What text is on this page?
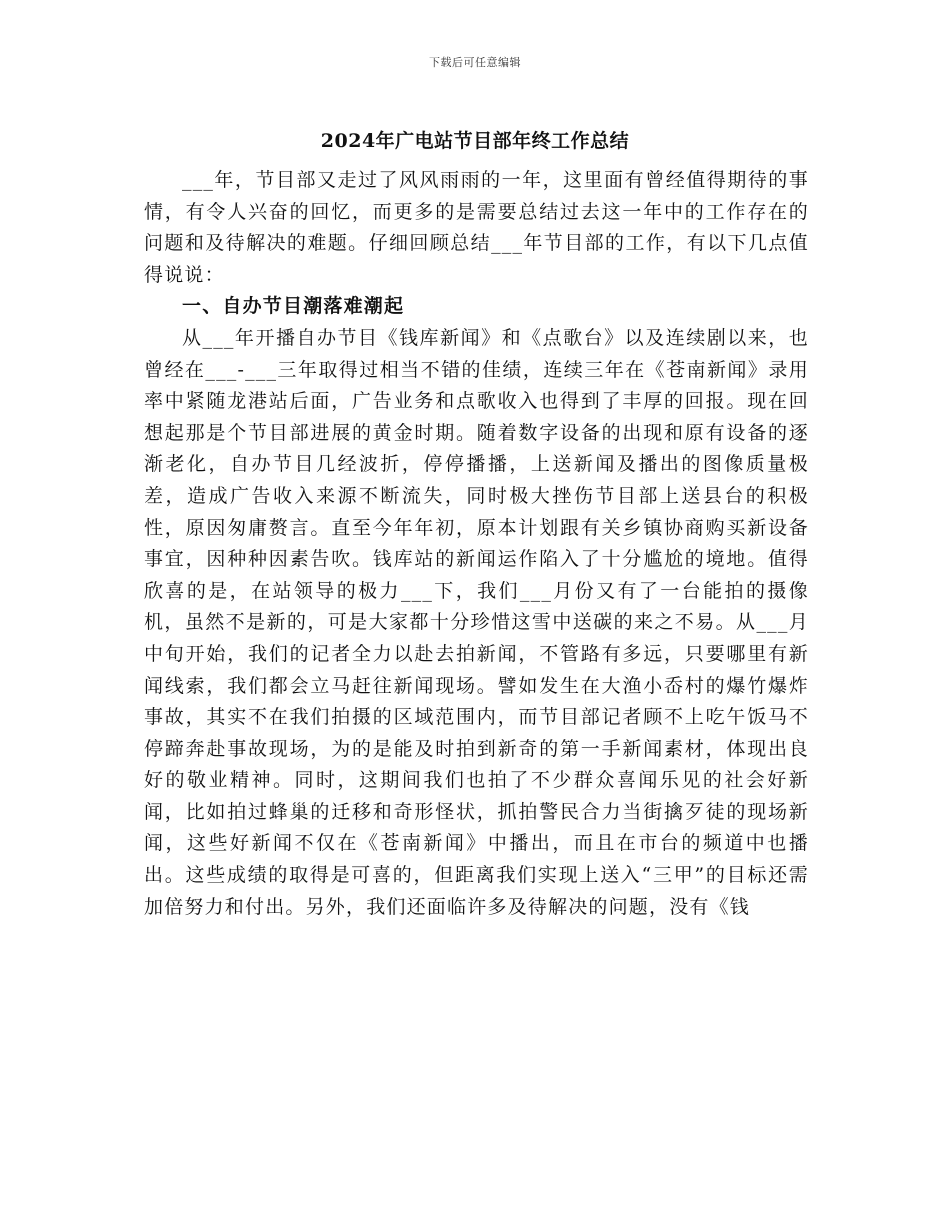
下载后可任意编辑
2024年广电站节目部年终工作总结

___年，节目部又走过了风风雨雨的一年，这里面有曾经值得期待的事情，有令人兴奋的回忆，而更多的是需要总结过去这一年中的工作存在的问题和及待解决的难题。仔细回顾总结___年节目部的工作，有以下几点值得说说：

一、自办节目潮落难潮起

从___年开播自办节目《钱库新闻》和《点歌台》以及连续剧以来，也曾经在___-___三年取得过相当不错的佳绩，连续三年在《苍南新闻》录用率中紧随龙港站后面，广告业务和点歌收入也得到了丰厚的回报。现在回想起那是个节目部进展的黄金时期。随着数字设备的出现和原有设备的逐渐老化，自办节目几经波折，停停播播，上送新闻及播出的图像质量极差，造成广告收入来源不断流失，同时极大挫伤节目部上送县台的积极性，原因匆庸赘言。直至今年年初，原本计划跟有关乡镇协商购买新设备事宜，因种种因素告吹。钱库站的新闻运作陷入了十分尴尬的境地。值得欣喜的是，在站领导的极力___下，我们___月份又有了一台能拍的摄像机，虽然不是新的，可是大家都十分珍惜这雪中送碳的来之不易。从___月中旬开始，我们的记者全力以赴去拍新闻，不管路有多远，只要哪里有新闻线索，我们都会立马赶往新闻现场。譬如发生在大渔小岙村的爆竹爆炸事故，其实不在我们拍摄的区域范围内，而节目部记者顾不上吃午饭马不停蹄奔赴事故现场，为的是能及时拍到新奇的第一手新闻素材，体现出良好的敬业精神。同时，这期间我们也拍了不少群众喜闻乐见的社会好新闻，比如拍过蜂巢的迁移和奇形怪状，抓拍警民合力当街擒歹徒的现场新闻，这些好新闻不仅在《苍南新闻》中播出，而且在市台的频道中也播出。这些成绩的取得是可喜的，但距离我们实现上送入“三甲”的目标还需加倍努力和付出。另外，我们还面临许多及待解决的问题，没有《钱
